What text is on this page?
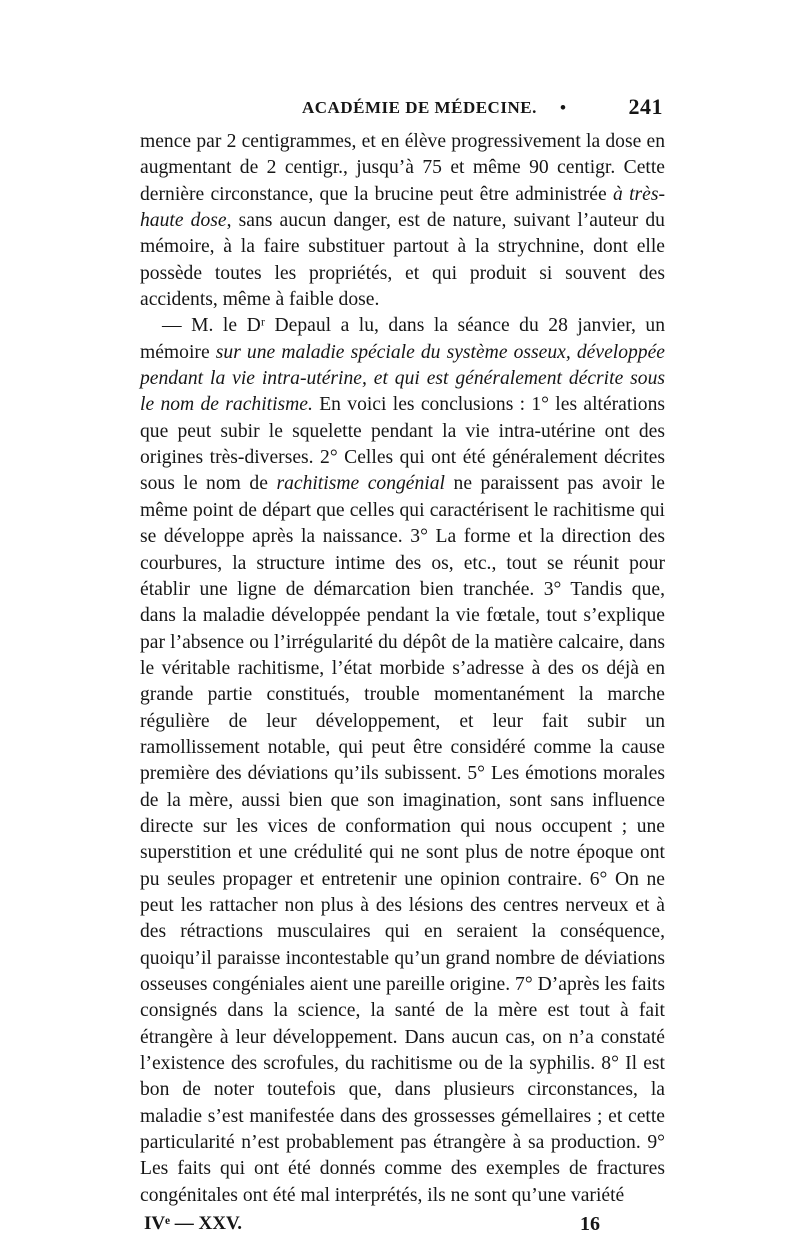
ACADÉMIE DE MÉDECINE. •	241

mence par 2 centigrammes, et en élève progressivement la dose en augmentant de 2 centigr., jusqu’à 75 et même 90 centigr. Cette dernière circonstance, que la brucine peut être administrée à très-haute dose, sans aucun danger, est de nature, suivant l’auteur du mémoire, à la faire substituer partout à la strychnine, dont elle possède toutes les propriétés, et qui produit si souvent des accidents, même à faible dose.

— M. le Dʳ Depaul a lu, dans la séance du 28 janvier, un mémoire sur une maladie spéciale du système osseux, développée pendant la vie intra-utérine, et qui est généralement décrite sous le nom de rachitisme. En voici les conclusions : 1° les altérations que peut subir le squelette pendant la vie intra-utérine ont des origines très-diverses. 2° Celles qui ont été généralement décrites sous le nom de rachitisme congénial ne paraissent pas avoir le même point de départ que celles qui caractérisent le rachitisme qui se développe après la naissance. 3° La forme et la direction des courbures, la structure intime des os, etc., tout se réunit pour établir une ligne de démarcation bien tranchée. 3° Tandis que, dans la maladie développée pendant la vie fœtale, tout s’explique par l’absence ou l’irrégularité du dépôt de la matière calcaire, dans le véritable rachitisme, l’état morbide s’adresse à des os déjà en grande partie constitués, trouble momentanément la marche régulière de leur développement, et leur fait subir un ramollissement notable, qui peut être considéré comme la cause première des déviations qu’ils subissent. 5° Les émotions morales de la mère, aussi bien que son imagination, sont sans influence directe sur les vices de conformation qui nous occupent ; une superstition et une crédulité qui ne sont plus de notre époque ont pu seules propager et entretenir une opinion contraire. 6° On ne peut les rattacher non plus à des lésions des centres nerveux et à des rétractions musculaires qui en seraient la conséquence, quoiqu’il paraisse incontestable qu’un grand nombre de déviations osseuses congéniales aient une pareille origine. 7° D’après les faits consignés dans la science, la santé de la mère est tout à fait étrangère à leur développement. Dans aucun cas, on n’a constaté l’existence des scrofules, du rachitisme ou de la syphilis. 8° Il est bon de noter toutefois que, dans plusieurs circonstances, la maladie s’est manifestée dans des grossesses gémellaires ; et cette particularité n’est probablement pas étrangère à sa production. 9° Les faits qui ont été donnés comme des exemples de fractures congénitales ont été mal interprétés, ils ne sont qu’une variété

IVᵉ — XXV.	16
